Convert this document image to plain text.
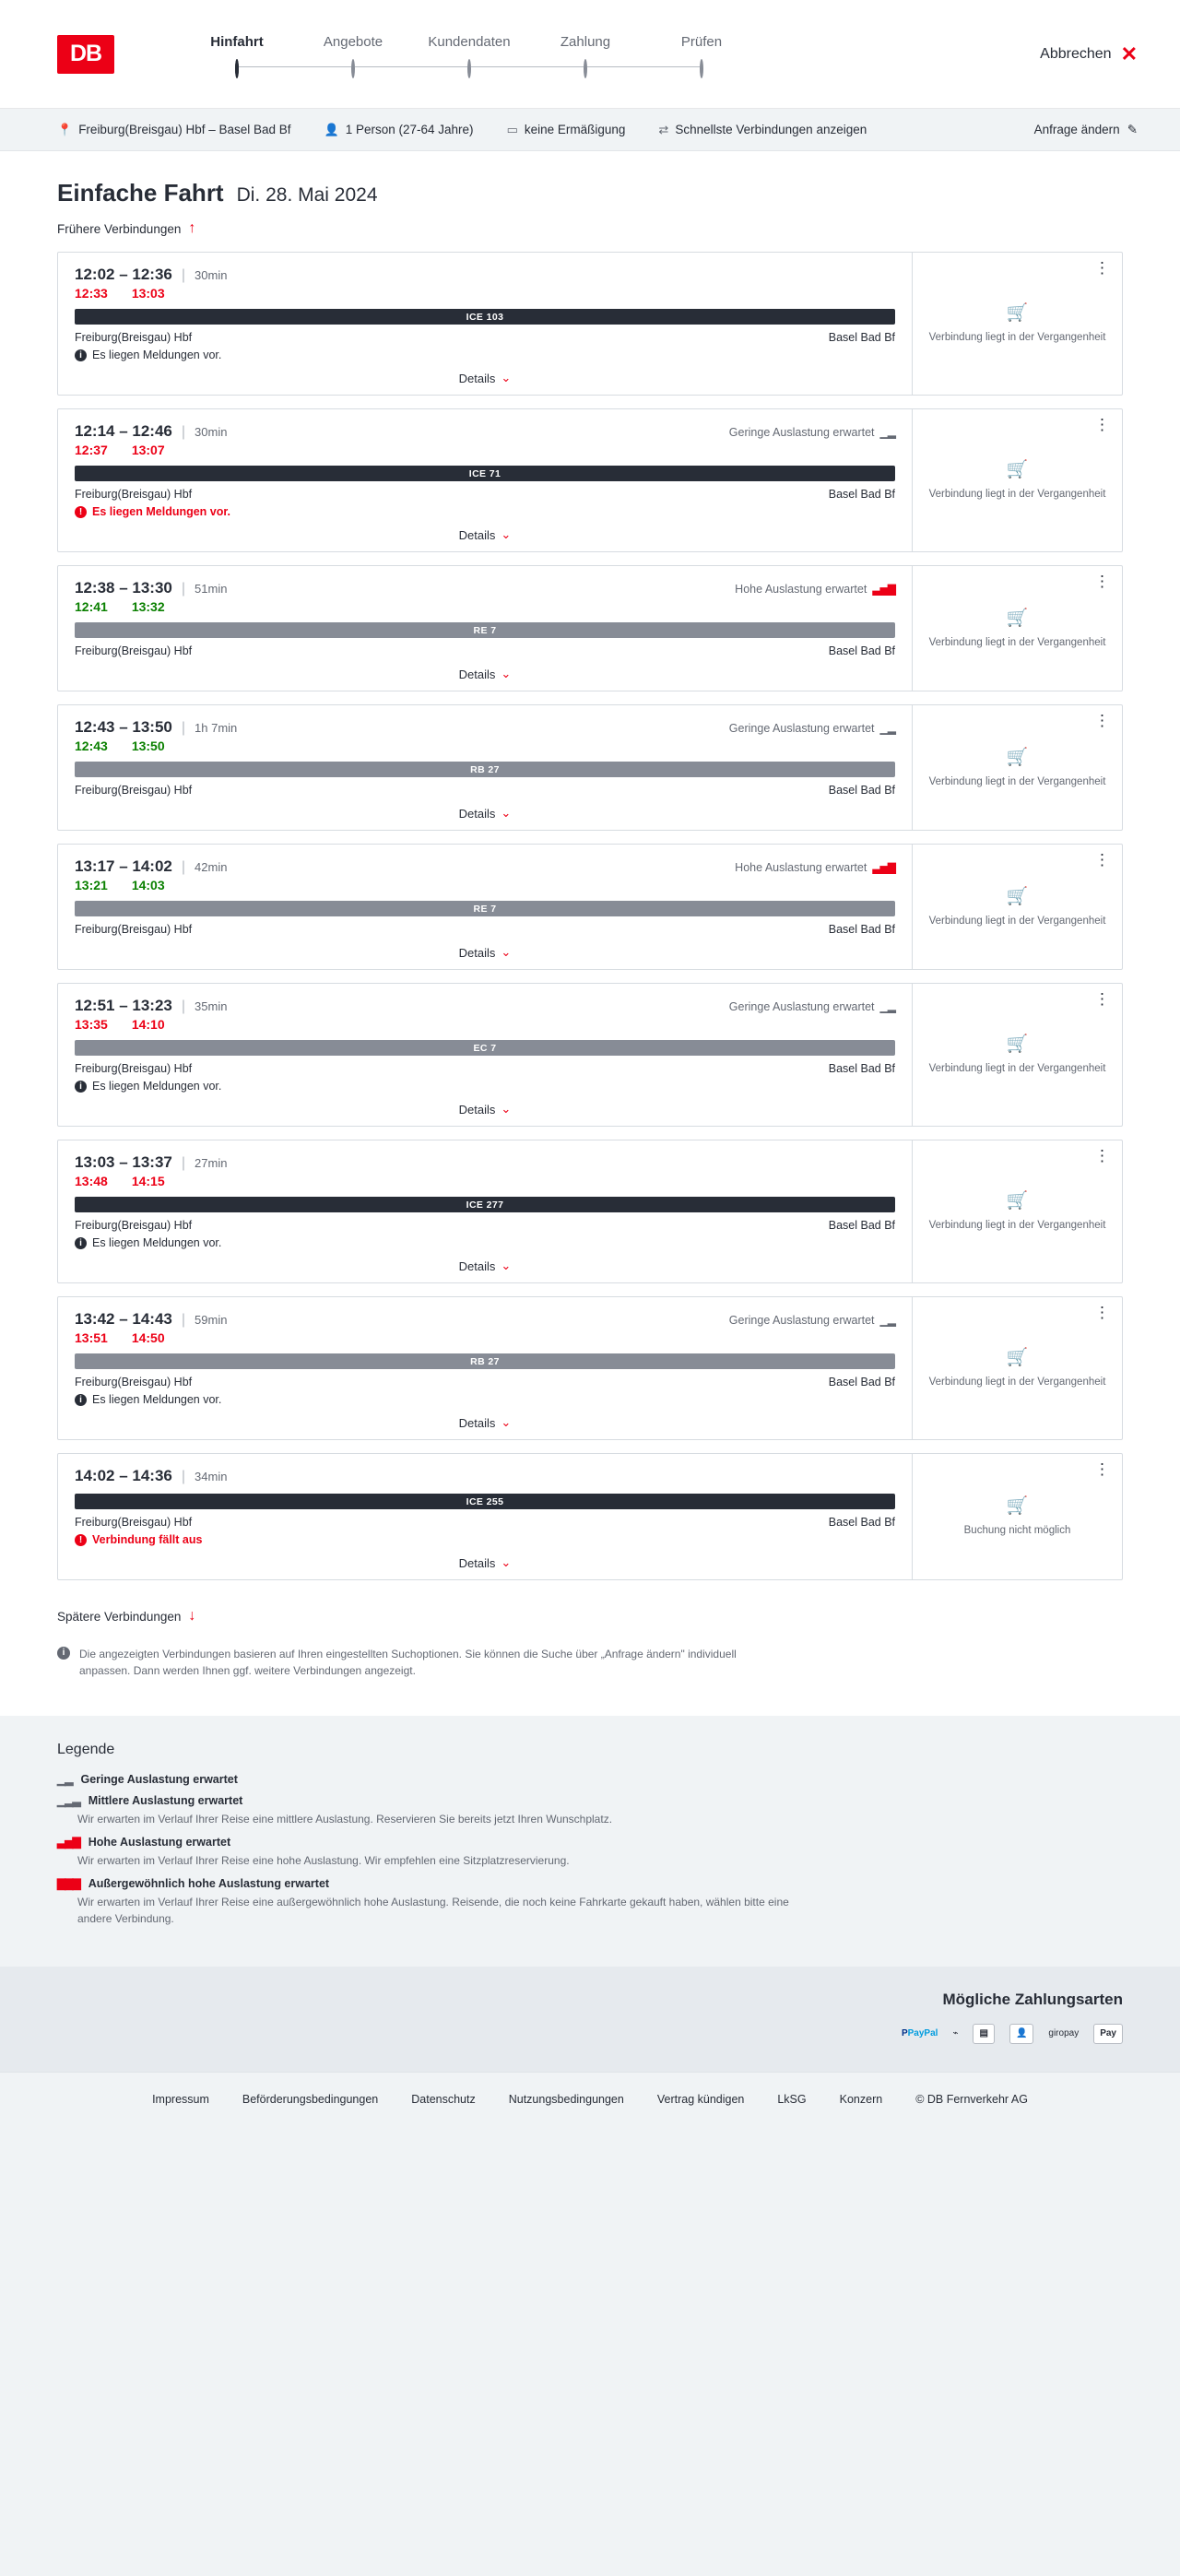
DB	Hinfahrt	Angebote	Kundendaten	Zahlung	Prüfen
Abbrechen ✕
📍 Freiburg(Breisgau) Hbf – Basel Bad Bf	👤 1 Person (27-64 Jahre)	▭ keine Ermäßigung	⇄ Schnellste Verbindungen anzeigen	Anfrage ändern ✎
Einfache Fahrt Di. 28. Mai 2024
Frühere Verbindungen ↑
12:02 – 12:36 | 30min
12:33 13:03
ICE 103
Freiburg(Breisgau) Hbf	Basel Bad Bf
i Es liegen Meldungen vor.
Details ⌄
⋮
🛒
Verbindung liegt in der Vergangenheit
12:14 – 12:46 | 30min	Geringe Auslastung erwartet ▁▂
12:37 13:07
ICE 71
Freiburg(Breisgau) Hbf	Basel Bad Bf
! Es liegen Meldungen vor.
Details ⌄
⋮
🛒
Verbindung liegt in der Vergangenheit
12:38 – 13:30 | 51min	Hohe Auslastung erwartet ▃▅▇
12:41 13:32
RE 7
Freiburg(Breisgau) Hbf	Basel Bad Bf
Details ⌄
⋮
🛒
Verbindung liegt in der Vergangenheit
12:43 – 13:50 | 1h 7min	Geringe Auslastung erwartet ▁▂
12:43 13:50
RB 27
Freiburg(Breisgau) Hbf	Basel Bad Bf
Details ⌄
⋮
🛒
Verbindung liegt in der Vergangenheit
13:17 – 14:02 | 42min	Hohe Auslastung erwartet ▃▅▇
13:21 14:03
RE 7
Freiburg(Breisgau) Hbf	Basel Bad Bf
Details ⌄
⋮
🛒
Verbindung liegt in der Vergangenheit
12:51 – 13:23 | 35min	Geringe Auslastung erwartet ▁▂
13:35 14:10
EC 7
Freiburg(Breisgau) Hbf	Basel Bad Bf
i Es liegen Meldungen vor.
Details ⌄
⋮
🛒
Verbindung liegt in der Vergangenheit
13:03 – 13:37 | 27min
13:48 14:15
ICE 277
Freiburg(Breisgau) Hbf	Basel Bad Bf
i Es liegen Meldungen vor.
Details ⌄
⋮
🛒
Verbindung liegt in der Vergangenheit
13:42 – 14:43 | 59min	Geringe Auslastung erwartet ▁▂
13:51 14:50
RB 27
Freiburg(Breisgau) Hbf	Basel Bad Bf
i Es liegen Meldungen vor.
Details ⌄
⋮
🛒
Verbindung liegt in der Vergangenheit
14:02 – 14:36 | 34min
ICE 255
Freiburg(Breisgau) Hbf	Basel Bad Bf
! Verbindung fällt aus
Details ⌄
⋮
🛒
Buchung nicht möglich
Spätere Verbindungen ↓
i	Die angezeigten Verbindungen basieren auf Ihren eingestellten Suchoptionen. Sie können die Suche über „Anfrage ändern" individuell anpassen. Dann werden Ihnen ggf. weitere Verbindungen angezeigt.
Legende
▁▂ Geringe Auslastung erwartet
▁▂▃ Mittlere Auslastung erwartet
Wir erwarten im Verlauf Ihrer Reise eine mittlere Auslastung. Reservieren Sie bereits jetzt Ihren Wunschplatz.
▃▅▇ Hohe Auslastung erwartet
Wir erwarten im Verlauf Ihrer Reise eine hohe Auslastung. Wir empfehlen eine Sitzplatzreservierung.
▇▇▇ Außergewöhnlich hohe Auslastung erwartet
Wir erwarten im Verlauf Ihrer Reise eine außergewöhnlich hohe Auslastung. Reisende, die noch keine Fahrkarte gekauft haben, wählen bitte eine andere Verbindung.
Mögliche Zahlungsarten
P PayPal ⌁	▤	👤	giropay	Pay
Impressum	Beförderungsbedingungen	Datenschutz	Nutzungsbedingungen	Vertrag kündigen	LkSG	Konzern	© DB Fernverkehr AG
